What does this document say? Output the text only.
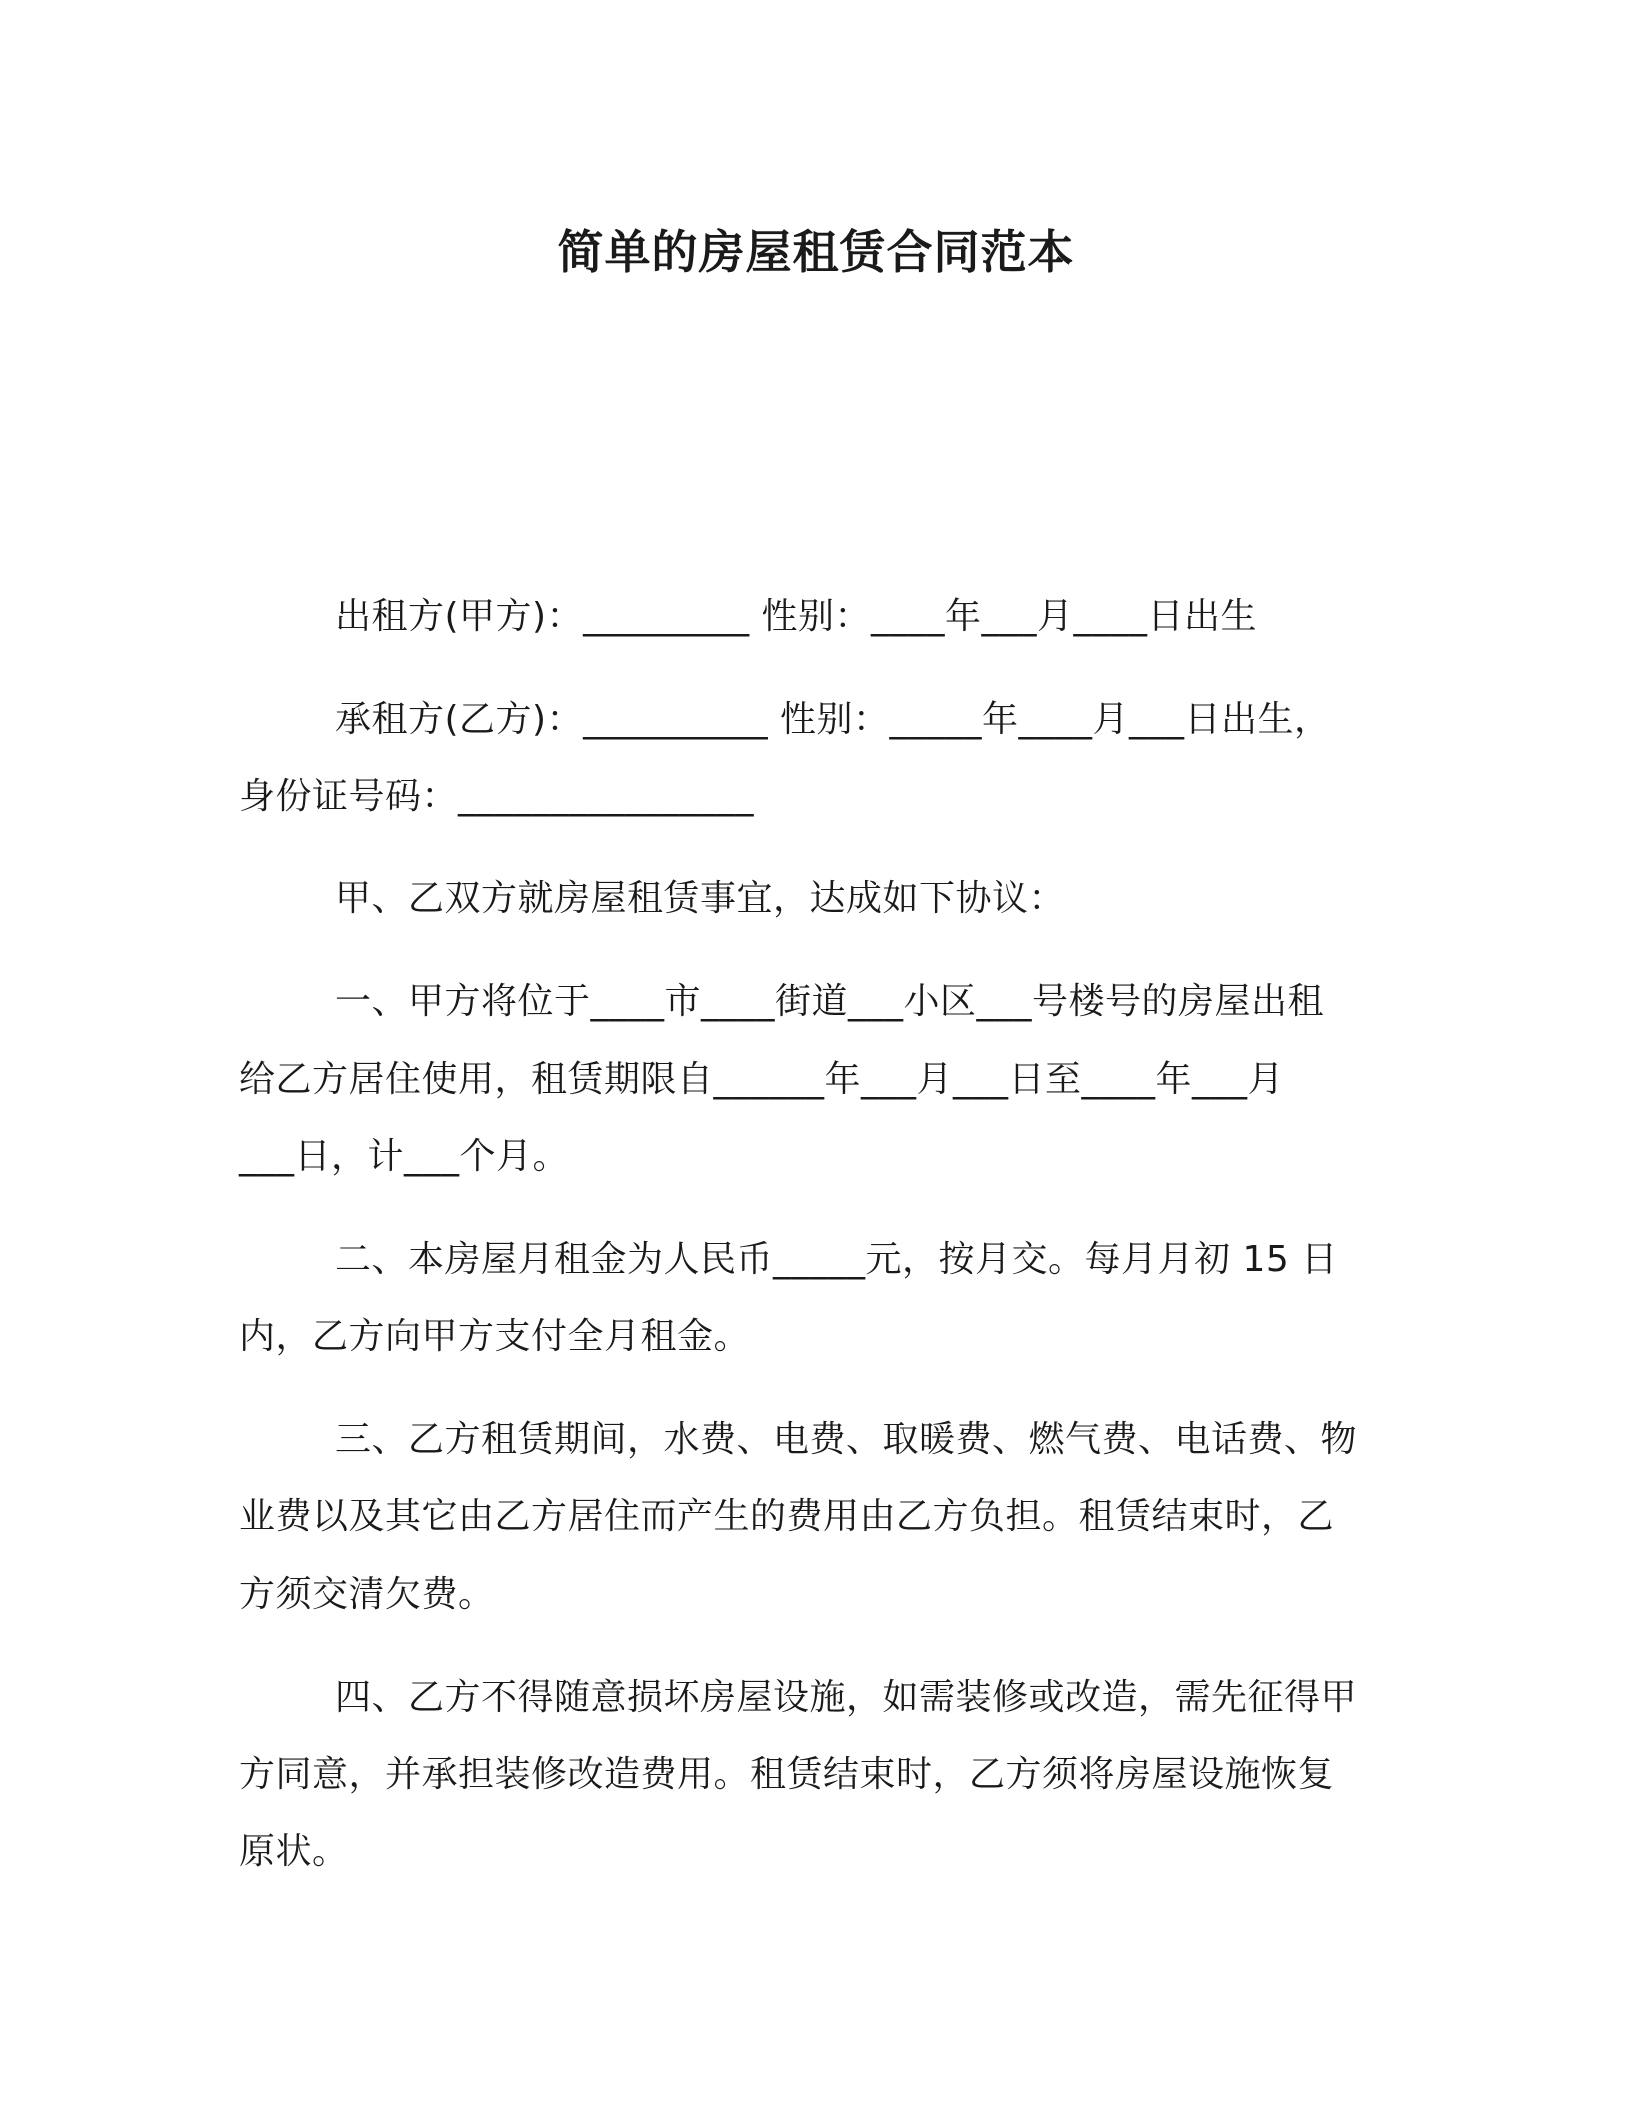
简单的房屋租赁合同范本
出租方(甲方)：_________ 性别：____年___月____日出生
承租方(乙方)：__________ 性别：_____年____月___日出生，
身份证号码：________________
甲、乙双方就房屋租赁事宜，达成如下协议：
一、甲方将位于____市____街道___小区___号楼号的房屋出租
给乙方居住使用，租赁期限自______年___月___日至____年___月
___日，计___个月。
二、本房屋月租金为人民币_____元，按月交。每月月初 15 日
内，乙方向甲方支付全月租金。
三、乙方租赁期间，水费、电费、取暖费、燃气费、电话费、物
业费以及其它由乙方居住而产生的费用由乙方负担。租赁结束时，乙
方须交清欠费。
四、乙方不得随意损坏房屋设施，如需装修或改造，需先征得甲
方同意，并承担装修改造费用。租赁结束时，乙方须将房屋设施恢复
原状。
